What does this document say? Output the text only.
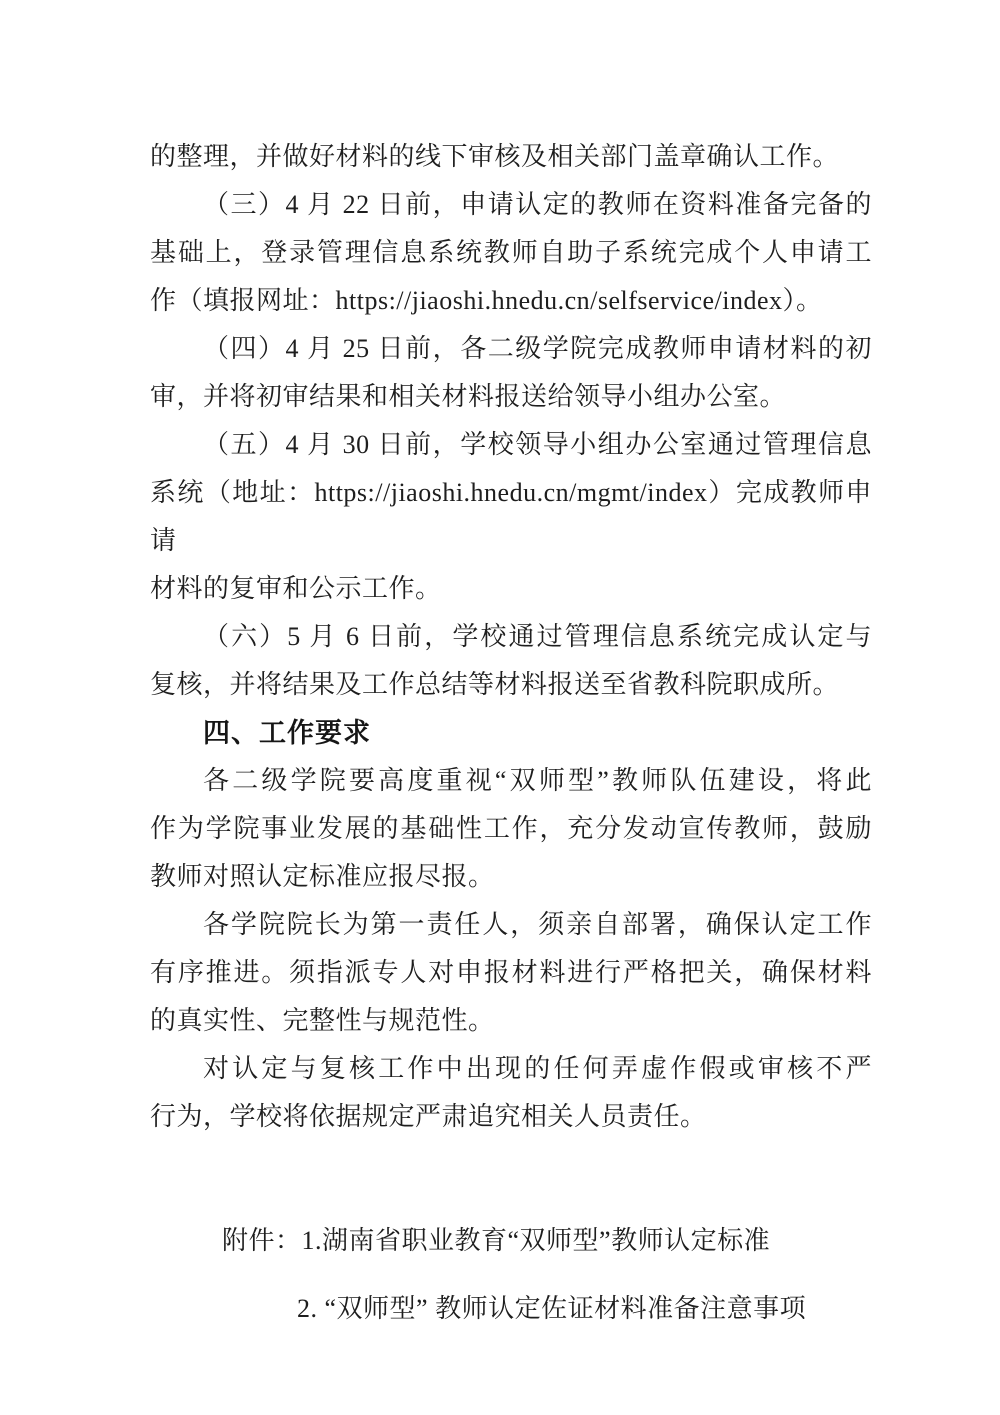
的整理，并做好材料的线下审核及相关部门盖章确认工作。
（三）4 月 22 日前，申请认定的教师在资料准备完备的
基础上，登录管理信息系统教师自助子系统完成个人申请工
作（填报网址：https://jiaoshi.hnedu.cn/selfservice/index）。
（四）4 月 25 日前，各二级学院完成教师申请材料的初
审，并将初审结果和相关材料报送给领导小组办公室。
（五）4 月 30 日前，学校领导小组办公室通过管理信息
系统（地址：https://jiaoshi.hnedu.cn/mgmt/index）完成教师申请
材料的复审和公示工作。
（六）5 月 6 日前，学校通过管理信息系统完成认定与
复核，并将结果及工作总结等材料报送至省教科院职成所。
四、工作要求
各二级学院要高度重视“双师型”教师队伍建设，将此
作为学院事业发展的基础性工作，充分发动宣传教师，鼓励
教师对照认定标准应报尽报。
各学院院长为第一责任人，须亲自部署，确保认定工作
有序推进。须指派专人对申报材料进行严格把关，确保材料
的真实性、完整性与规范性。
对认定与复核工作中出现的任何弄虚作假或审核不严
行为，学校将依据规定严肃追究相关人员责任。
附件：1.湖南省职业教育“双师型”教师认定标准
2. “双师型” 教师认定佐证材料准备注意事项
